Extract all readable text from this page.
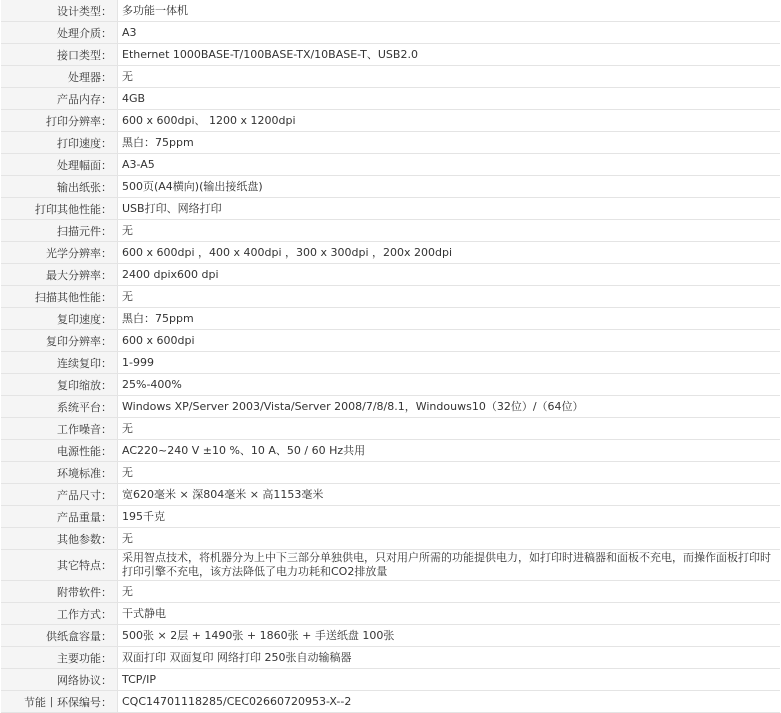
设计类型：	多功能一体机
处理介质：	A3
接口类型：	Ethernet 1000BASE-T/100BASE-TX/10BASE-T、USB2.0
处理器：	无
产品内存：	4GB
打印分辨率：	600 x 600dpi、 1200 x 1200dpi
打印速度：	黑白：75ppm
处理幅面：	A3-A5
输出纸张：	500页(A4横向)(输出接纸盘)
打印其他性能：	USB打印、网络打印
扫描元件：	无
光学分辨率：	600 x 600dpi ，400 x 400dpi ，300 x 300dpi ，200x 200dpi
最大分辨率：	2400 dpix600 dpi
扫描其他性能：	无
复印速度：	黑白：75ppm
复印分辨率：	600 x 600dpi
连续复印：	1-999
复印缩放：	25%-400%
系统平台：	Windows XP/Server 2003/Vista/Server 2008/7/8/8.1，Windouws10（32位）/（64位）
工作噪音：	无
电源性能：	AC220~240 V ±10 %、10 A、50 / 60 Hz共用
环境标准：	无
产品尺寸：	宽620毫米 × 深804毫米 × 高1153毫米
产品重量：	195千克
其他参数：	无
其它特点：	采用智点技术，将机器分为上中下三部分单独供电，只对用户所需的功能提供电力，如打印时进稿器和面板不充电，而操作面板打印时打印引擎不充电，该方法降低了电力功耗和CO2排放量
附带软件：	无
工作方式：	干式静电
供纸盒容量：	500张 × 2层 + 1490张 + 1860张 + 手送纸盘 100张
主要功能：	双面打印 双面复印 网络打印 250张自动输稿器
网络协议：	TCP/IP
节能丨环保编号：	CQC14701118285/CEC02660720953-X--2
